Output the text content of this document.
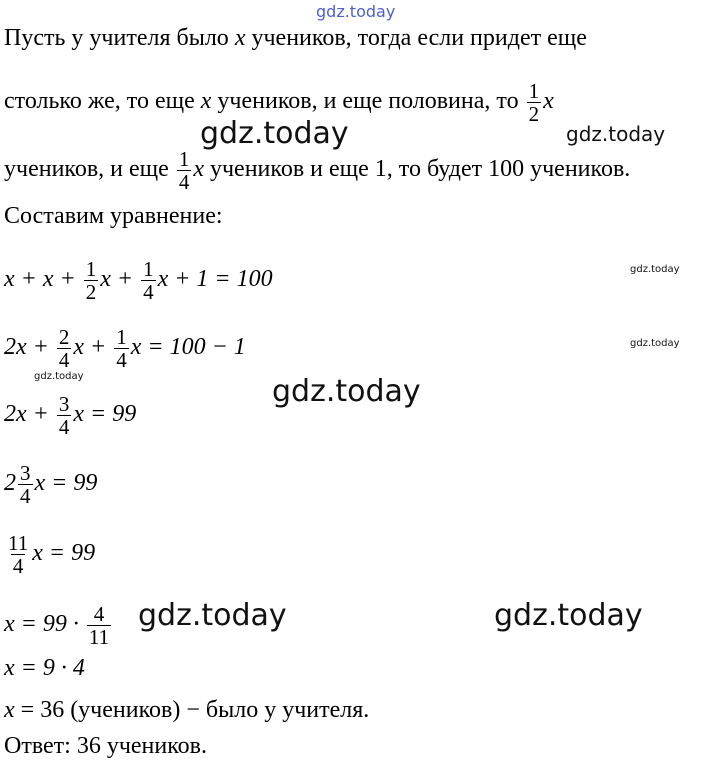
gdz.today
gdz.today	gdz.today
gdz.today
gdz.today
gdz.today	gdz.today
gdz.today	gdz.today
Пусть у учителя было x учеников, тогда если придет еще
столько же, то еще x учеников, и еще половина, то $\frac{1}{2}$ x
учеников, и еще $\frac{1}{4}$ x учеников и еще 1, то будет 100 учеников.
Составим уравнение:
$x + x + \frac{1}{2}$ $x + \frac{1}{4}$ x + 1 = 100
$2x + \frac{2}{4}$ $x + \frac{1}{4}$ x = 100 − 1
$2x + \frac{3}{4}$ x = 99
$2 \frac{3}{4}$ x = 99
$\frac{11}{4}$ x = 99
$x = 99 \cdot \frac{4}{11}$
x = 9 · 4
x = 36 (учеников) − было у учителя.
Ответ: 36 учеников.
